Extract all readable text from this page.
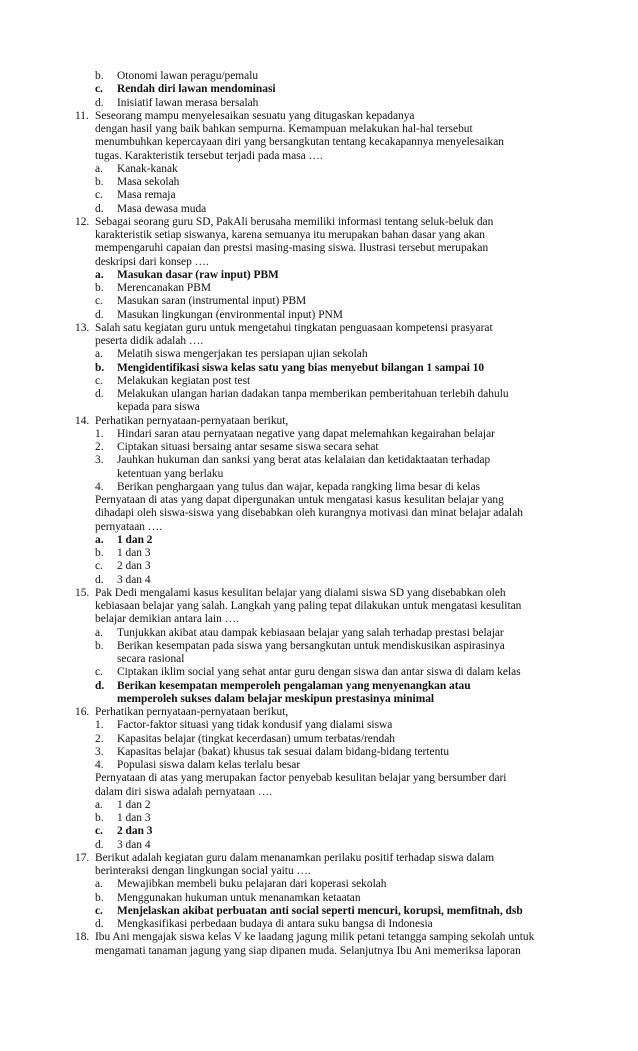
b. Otonomi lawan peragu/pemalu
c. Rendah diri lawan mendominasi
d. Inisiatif lawan merasa bersalah
11. Seseorang mampu menyelesaikan sesuatu yang ditugaskan kepadanya
dengan hasil yang baik bahkan sempurna. Kemampuan melakukan hal-hal tersebut
menumbuhkan kepercayaan diri yang bersangkutan tentang kecakapannya menyelesaikan
tugas. Karakteristik tersebut terjadi pada masa ….
a. Kanak-kanak
b. Masa sekolah
c. Masa remaja
d. Masa dewasa muda
12. Sebagai seorang guru SD, PakAli berusaha memiliki informasi tentang seluk-beluk dan
karakteristik setiap siswanya, karena semuanya itu merupakan bahan dasar yang akan
mempengaruhi capaian dan prestsi masing-masing siswa. Ilustrasi tersebut merupakan
deskripsi dari konsep ….
a. Masukan dasar (raw input) PBM
b. Merencanakan PBM
c. Masukan saran (instrumental input) PBM
d. Masukan lingkungan (environmental input) PNM
13. Salah satu kegiatan guru untuk mengetahui tingkatan penguasaan kompetensi prasyarat
peserta didik adalah ….
a. Melatih siswa mengerjakan tes persiapan ujian sekolah
b. Mengidentifikasi siswa kelas satu yang bias menyebut bilangan 1 sampai 10
c. Melakukan kegiatan post test
d. Melakukan ulangan harian dadakan tanpa memberikan pemberitahuan terlebih dahulu
kepada para siswa
14. Perhatikan pernyataan-pernyataan berikut,
1. Hindari saran atau pernyataan negative yang dapat melemahkan kegairahan belajar
2. Ciptakan situasi bersaing antar sesame siswa secara sehat
3. Jauhkan hukuman dan sanksi yang berat atas kelalaian dan ketidaktaatan terhadap
ketentuan yang berlaku
4. Berikan penghargaan yang tulus dan wajar, kepada rangking lima besar di kelas
Pernyataan di atas yang dapat dipergunakan untuk mengatasi kasus kesulitan belajar yang
dihadapi oleh siswa-siswa yang disebabkan oleh kurangnya motivasi dan minat belajar adalah
pernyataan ….
a. 1 dan 2
b. 1 dan 3
c. 2 dan 3
d. 3 dan 4
15. Pak Dedi mengalami kasus kesulitan belajar yang dialami siswa SD yang disebabkan oleh
kebiasaan belajar yang salah. Langkah yang paling tepat dilakukan untuk mengatasi kesulitan
belajar demikian antara lain ….
a. Tunjukkan akibat atau dampak kebiasaan belajar yang salah terhadap prestasi belajar
b. Berikan kesempatan pada siswa yang bersangkutan untuk mendiskusikan aspirasinya
secara rasional
c. Ciptakan iklim social yang sehat antar guru dengan siswa dan antar siswa di dalam kelas
d. Berikan kesempatan memperoleh pengalaman yang menyenangkan atau
memperoleh sukses dalam belajar meskipun prestasinya minimal
16. Perhatikan pernyataan-pernyataan berikut,
1. Factor-faktor situasi yang tidak kondusif yang dialami siswa
2. Kapasitas belajar (tingkat kecerdasan) umum terbatas/rendah
3. Kapasitas belajar (bakat) khusus tak sesuai dalam bidang-bidang tertentu
4. Populasi siswa dalam kelas terlalu besar
Pernyataan di atas yang merupakan factor penyebab kesulitan belajar yang bersumber dari
dalam diri siswa adalah pernyataan ….
a. 1 dan 2
b. 1 dan 3
c. 2 dan 3
d. 3 dan 4
17. Berikut adalah kegiatan guru dalam menanamkan perilaku positif terhadap siswa dalam
berinteraksi dengan lingkungan social yaitu ….
a. Mewajibkan membeli buku pelajaran dari koperasi sekolah
b. Menggunakan hukuman untuk menanamkan ketaatan
c. Menjelaskan akibat perbuatan anti social seperti mencuri, korupsi, memfitnah, dsb
d. Mengkasifikasi perbedaan budaya di antara suku bangsa di Indonesia
18. Ibu Ani mengajak siswa kelas V ke laadang jagung milik petani tetangga samping sekolah untuk
mengamati tanaman jagung yang siap dipanen muda. Selanjutnya Ibu Ani memeriksa laporan
